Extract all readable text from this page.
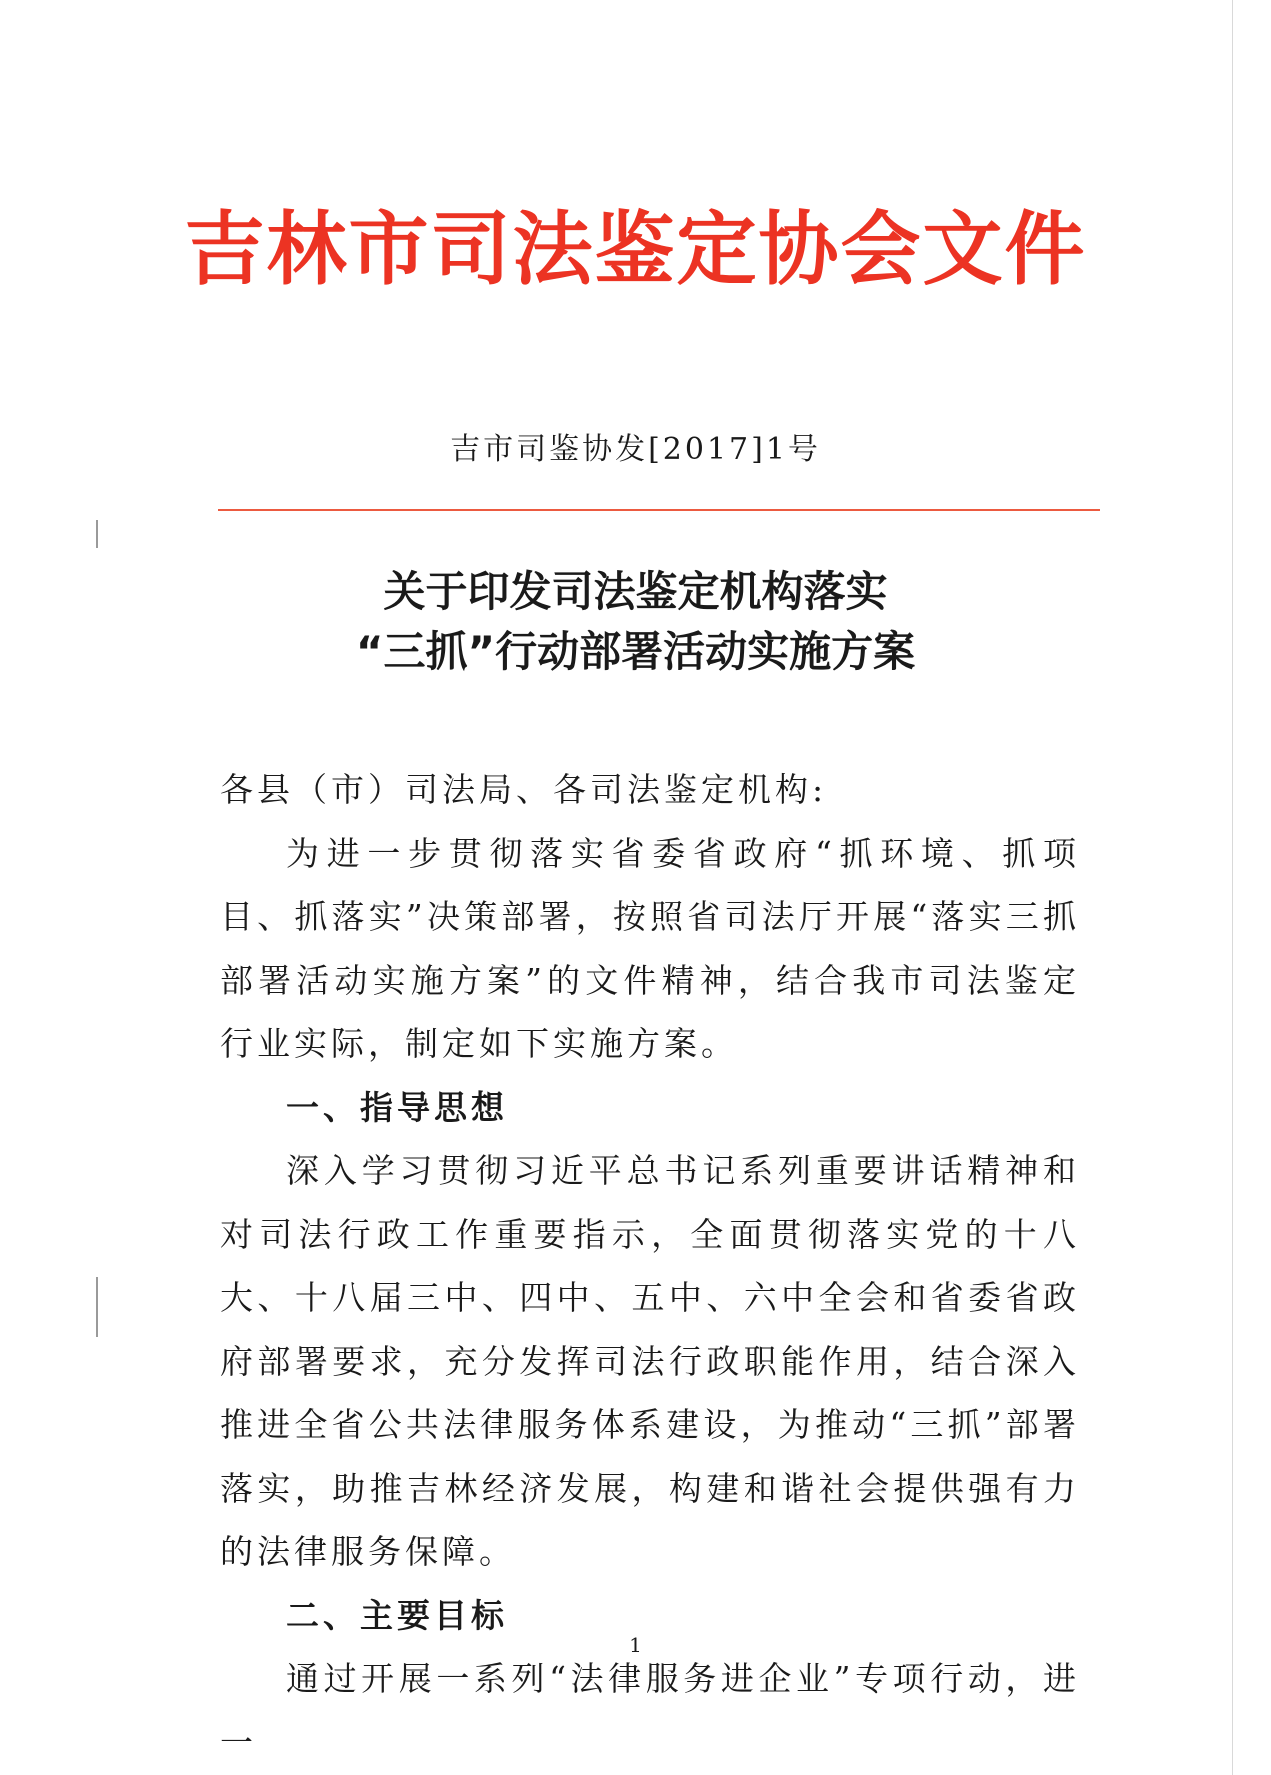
吉林市司法鉴定协会文件
吉市司鉴协发[2017]1号
关于印发司法鉴定机构落实
“三抓”行动部署活动实施方案

各县（市）司法局、各司法鉴定机构:

为进一步贯彻落实省委省政府“抓环境、抓项目、抓落实”决策部署，按照省司法厅开展“落实三抓部署活动实施方案”的文件精神，结合我市司法鉴定行业实际，制定如下实施方案。

一、指导思想

深入学习贯彻习近平总书记系列重要讲话精神和对司法行政工作重要指示，全面贯彻落实党的十八大、十八届三中、四中、五中、六中全会和省委省政府部署要求，充分发挥司法行政职能作用，结合深入推进全省公共法律服务体系建设，为推动“三抓”部署落实，助推吉林经济发展，构建和谐社会提供强有力的法律服务保障。

二、主要目标

通过开展一系列“法律服务进企业”专项行动，进一

1
